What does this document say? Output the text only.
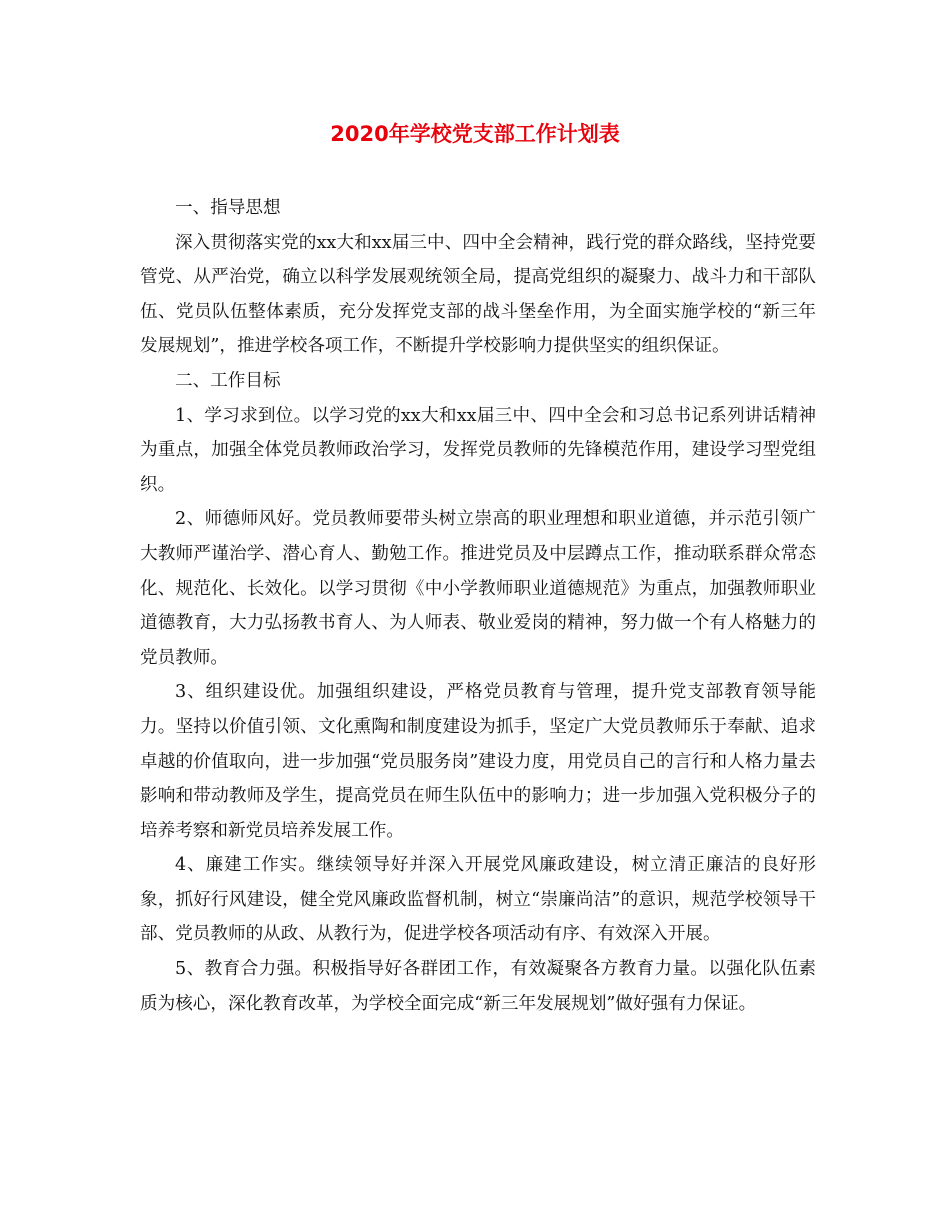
2020年学校党支部工作计划表

一、指导思想

深入贯彻落实党的xx大和xx届三中、四中全会精神，践行党的群众路线，坚持党要管党、从严治党，确立以科学发展观统领全局，提高党组织的凝聚力、战斗力和干部队伍、党员队伍整体素质，充分发挥党支部的战斗堡垒作用，为全面实施学校的“新三年发展规划”，推进学校各项工作，不断提升学校影响力提供坚实的组织保证。

二、工作目标

1、学习求到位。以学习党的xx大和xx届三中、四中全会和习总书记系列讲话精神为重点，加强全体党员教师政治学习，发挥党员教师的先锋模范作用，建设学习型党组织。

2、师德师风好。党员教师要带头树立崇高的职业理想和职业道德，并示范引领广大教师严谨治学、潜心育人、勤勉工作。推进党员及中层蹲点工作，推动联系群众常态化、规范化、长效化。以学习贯彻《中小学教师职业道德规范》为重点，加强教师职业道德教育，大力弘扬教书育人、为人师表、敬业爱岗的精神，努力做一个有人格魅力的党员教师。

3、组织建设优。加强组织建设，严格党员教育与管理，提升党支部教育领导能力。坚持以价值引领、文化熏陶和制度建设为抓手，坚定广大党员教师乐于奉献、追求卓越的价值取向，进一步加强“党员服务岗”建设力度，用党员自己的言行和人格力量去影响和带动教师及学生，提高党员在师生队伍中的影响力；进一步加强入党积极分子的培养考察和新党员培养发展工作。

4、廉建工作实。继续领导好并深入开展党风廉政建设，树立清正廉洁的良好形象，抓好行风建设，健全党风廉政监督机制，树立“崇廉尚洁”的意识，规范学校领导干部、党员教师的从政、从教行为，促进学校各项活动有序、有效深入开展。

5、教育合力强。积极指导好各群团工作，有效凝聚各方教育力量。以强化队伍素质为核心，深化教育改革，为学校全面完成“新三年发展规划”做好强有力保证。
